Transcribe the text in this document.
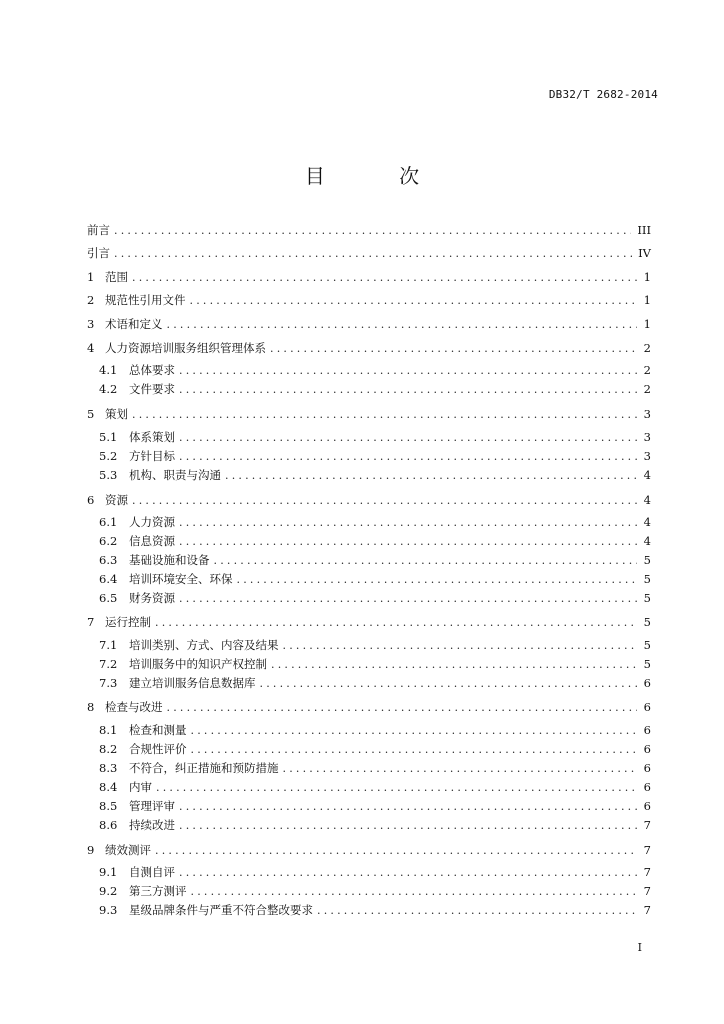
DB32/T 2682-2014
目 次
前言 .....	III
引言 .....	IV
1 范围 .....	1
2 规范性引用文件 .....	1
3 术语和定义 .....	1
4 人力资源培训服务组织管理体系 .....	2
4.1	总体要求 .....	2
4.2	文件要求 .....	2
5 策划 .....	3
5.1	体系策划 .....	3
5.2	方针目标 .....	3
5.3	机构、职责与沟通 .....	4
6 资源 .....	4
6.1	人力资源 .....	4
6.2	信息资源 .....	4
6.3	基础设施和设备 .....	5
6.4	培训环境安全、环保 .....	5
6.5	财务资源 .....	5
7 运行控制 .....	5
7.1	培训类别、方式、内容及结果 .....	5
7.2	培训服务中的知识产权控制 .....	5
7.3	建立培训服务信息数据库 .....	6
8 检查与改进 .....	6
8.1	检查和测量 .....	6
8.2	合规性评价 .....	6
8.3	不符合，纠正措施和预防措施 .....	6
8.4	内审 .....	6
8.5	管理评审 .....	6
8.6	持续改进 .....	7
9 绩效测评 .....	7
9.1	自测自评 .....	7
9.2	第三方测评 .....	7
9.3	星级品牌条件与严重不符合整改要求 .....	7
I
